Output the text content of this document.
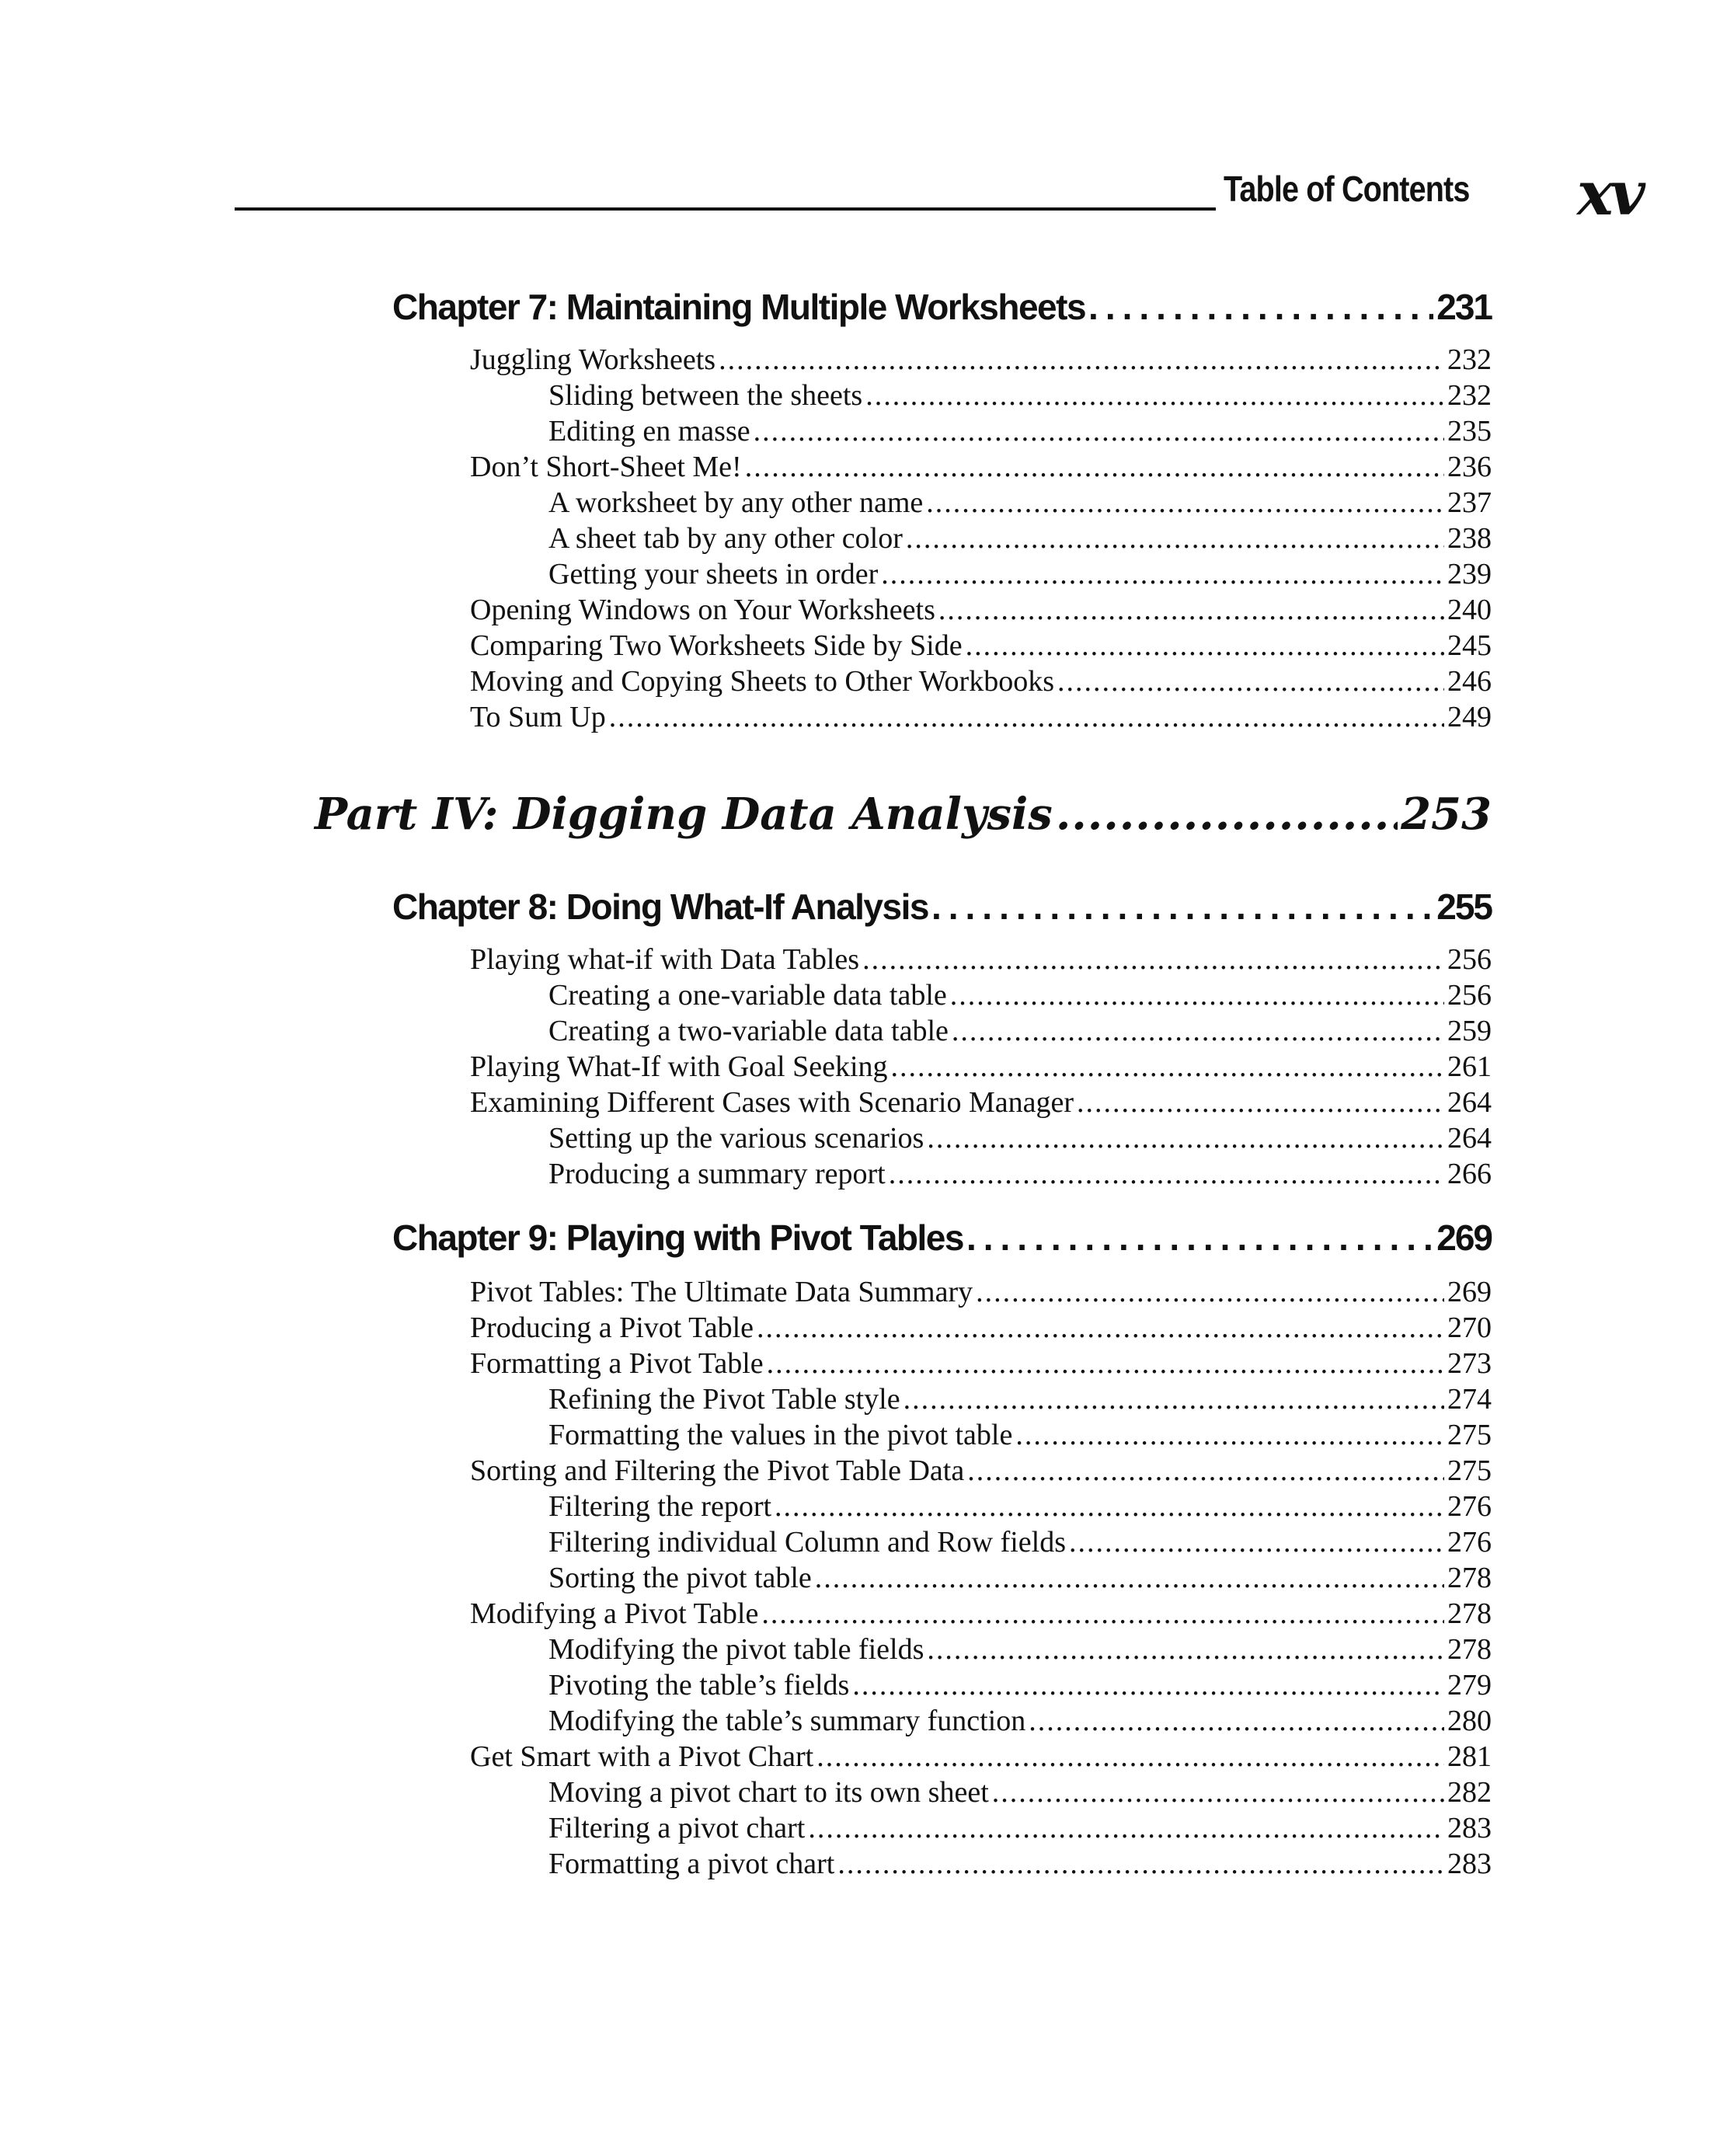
Table of Contents xv
Chapter 7: Maintaining Multiple Worksheets .....	231
Juggling Worksheets .....	232
Sliding between the sheets .....	232
Editing en masse .....	235
Don’t Short-Sheet Me! .....	236
A worksheet by any other name .....	237
A sheet tab by any other color .....	238
Getting your sheets in order .....	239
Opening Windows on Your Worksheets .....	240
Comparing Two Worksheets Side by Side .....	245
Moving and Copying Sheets to Other Workbooks .....	246
To Sum Up .....	249
Part IV: Digging Data Analysis .....	253
Chapter 8: Doing What-If Analysis .....	255
Playing what-if with Data Tables .....	256
Creating a one-variable data table .....	256
Creating a two-variable data table .....	259
Playing What-If with Goal Seeking .....	261
Examining Different Cases with Scenario Manager .....	264
Setting up the various scenarios .....	264
Producing a summary report .....	266
Chapter 9: Playing with Pivot Tables .....	269
Pivot Tables: The Ultimate Data Summary .....	269
Producing a Pivot Table .....	270
Formatting a Pivot Table .....	273
Refining the Pivot Table style .....	274
Formatting the values in the pivot table .....	275
Sorting and Filtering the Pivot Table Data .....	275
Filtering the report .....	276
Filtering individual Column and Row fields .....	276
Sorting the pivot table .....	278
Modifying a Pivot Table .....	278
Modifying the pivot table fields .....	278
Pivoting the table’s fields .....	279
Modifying the table’s summary function .....	280
Get Smart with a Pivot Chart .....	281
Moving a pivot chart to its own sheet .....	282
Filtering a pivot chart .....	283
Formatting a pivot chart .....	283
